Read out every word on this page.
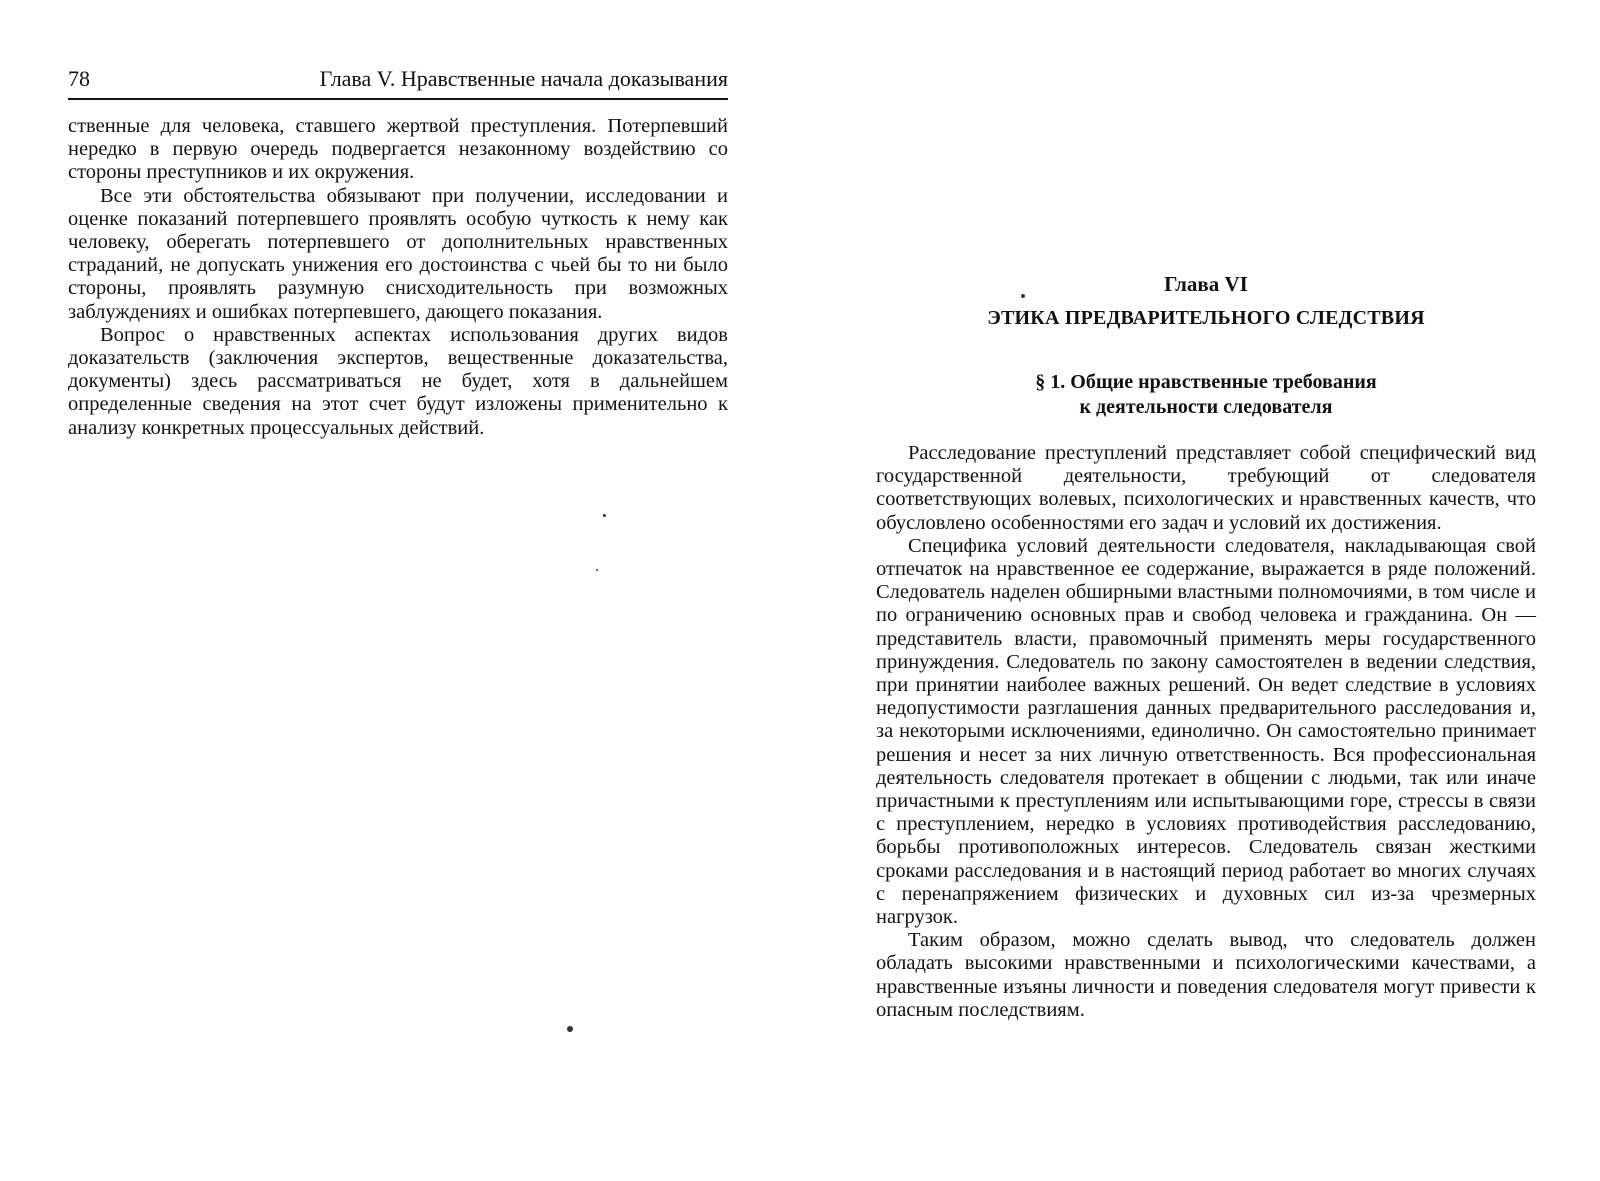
78	Глава V. Нравственные начала доказывания

ственные для человека, ставшего жертвой преступления. Потерпевший нередко в первую очередь подвергается незаконному воздействию со стороны преступников и их окружения.

Все эти обстоятельства обязывают при получении, исследовании и оценке показаний потерпевшего проявлять особую чуткость к нему как человеку, оберегать потерпевшего от дополнительных нравственных страданий, не допускать унижения его достоинства с чьей бы то ни было стороны, проявлять разумную снисходительность при возможных заблуждениях и ошибках потерпевшего, дающего показания.

Вопрос о нравственных аспектах использования других видов доказательств (заключения экспертов, вещественные доказательства, документы) здесь рассматриваться не будет, хотя в дальнейшем определенные сведения на этот счет будут изложены применительно к анализу конкретных процессуальных действий.

Глава VI
ЭТИКА ПРЕДВАРИТЕЛЬНОГО СЛЕДСТВИЯ
§ 1. Общие нравственные требования
к деятельности следователя

Расследование преступлений представляет собой специфический вид государственной деятельности, требующий от следователя соответствующих волевых, психологических и нравственных качеств, что обусловлено особенностями его задач и условий их достижения.

Специфика условий деятельности следователя, накладывающая свой отпечаток на нравственное ее содержание, выражается в ряде положений. Следователь наделен обширными властными полномочиями, в том числе и по ограничению основных прав и свобод человека и гражданина. Он — представитель власти, правомочный применять меры государственного принуждения. Следователь по закону самостоятелен в ведении следствия, при принятии наиболее важных решений. Он ведет следствие в условиях недопустимости разглашения данных предварительного расследования и, за некоторыми исключениями, единолично. Он самостоятельно принимает решения и несет за них личную ответственность. Вся профессиональная деятельность следователя протекает в общении с людьми, так или иначе причастными к преступлениям или испытывающими горе, стрессы в связи с преступлением, нередко в условиях противодействия расследованию, борьбы противоположных интересов. Следователь связан жесткими сроками расследования и в настоящий период работает во многих случаях с перенапряжением физических и духовных сил из-за чрезмерных нагрузок.

Таким образом, можно сделать вывод, что следователь должен обладать высокими нравственными и психологическими качествами, а нравственные изъяны личности и поведения следователя могут привести к опасным последствиям.
